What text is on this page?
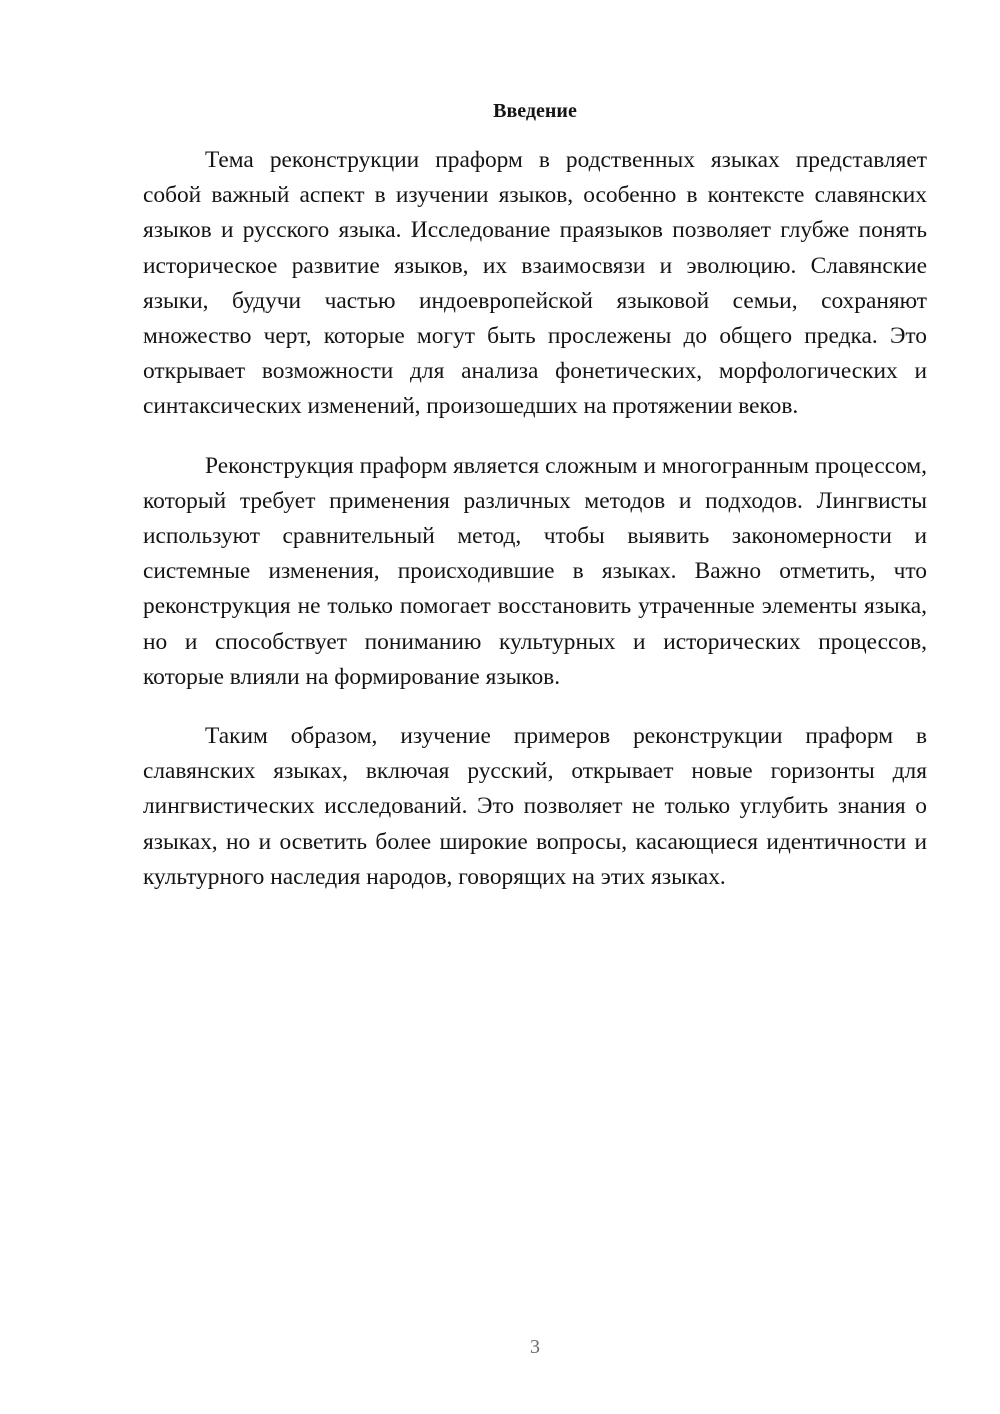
Введение

Тема реконструкции праформ в родственных языках представляет собой важный аспект в изучении языков, особенно в контексте славянских языков и русского языка. Исследование праязыков позволяет глубже понять историческое развитие языков, их взаимосвязи и эволюцию. Славянские языки, будучи частью индоевропейской языковой семьи, сохраняют множество черт, которые могут быть прослежены до общего предка. Это открывает возможности для анализа фонетических, морфологических и синтаксических изменений, произошедших на протяжении веков.

Реконструкция праформ является сложным и многогранным процессом, который требует применения различных методов и подходов. Лингвисты используют сравнительный метод, чтобы выявить закономерности и системные изменения, происходившие в языках. Важно отметить, что реконструкция не только помогает восстановить утраченные элементы языка, но и способствует пониманию культурных и исторических процессов, которые влияли на формирование языков.

Таким образом, изучение примеров реконструкции праформ в славянских языках, включая русский, открывает новые горизонты для лингвистических исследований. Это позволяет не только углубить знания о языках, но и осветить более широкие вопросы, касающиеся идентичности и культурного наследия народов, говорящих на этих языках.

3
